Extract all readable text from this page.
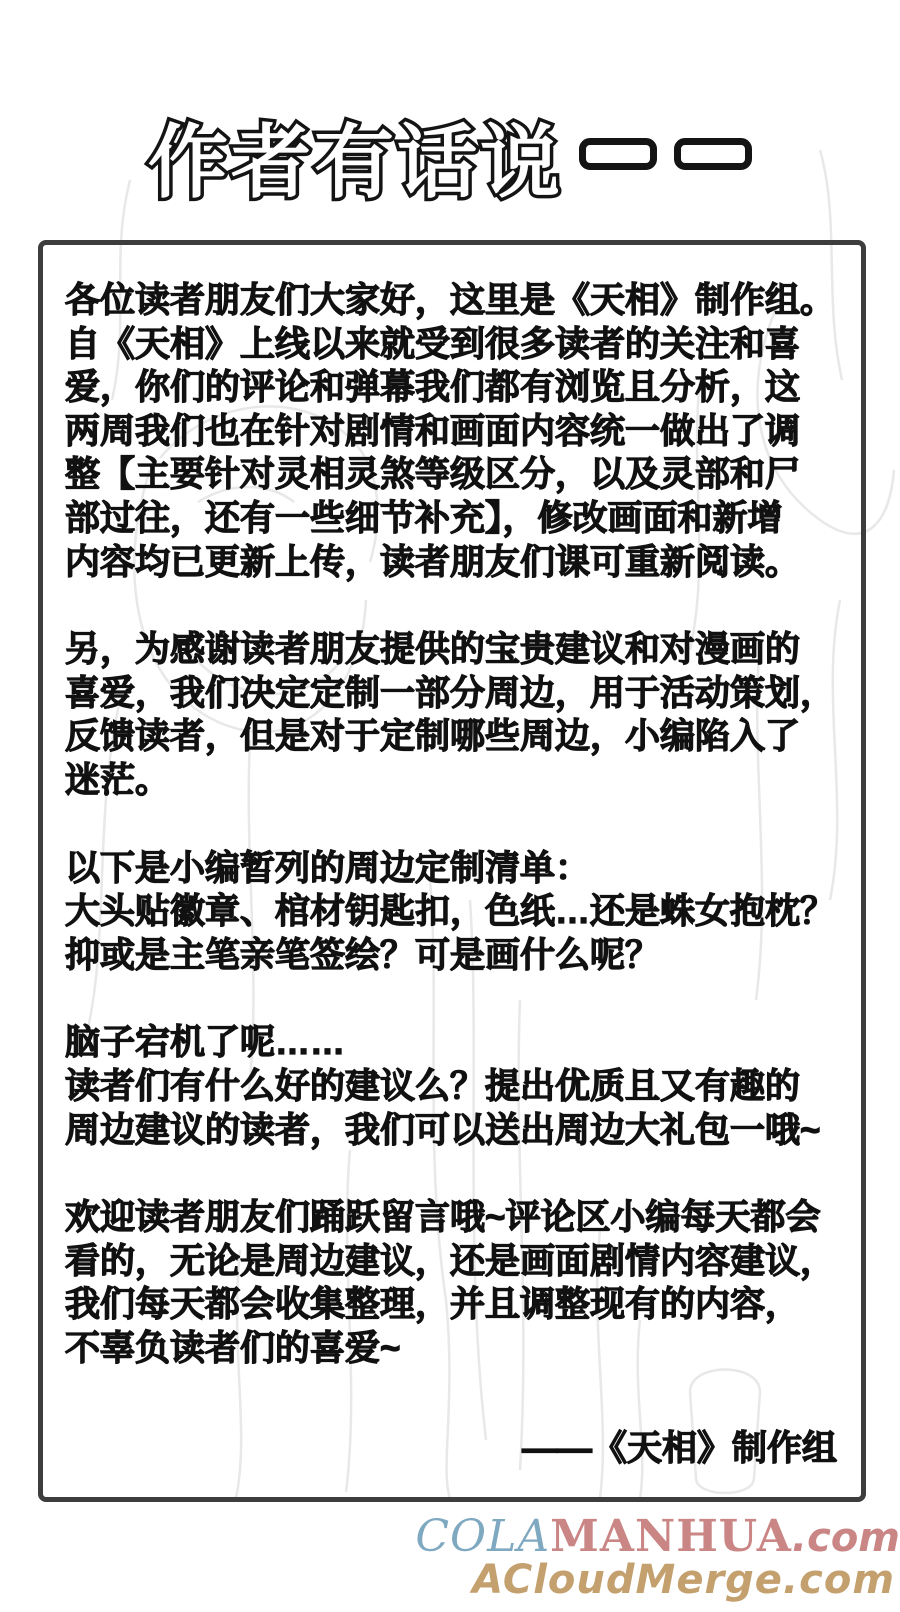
作者有话说
各位读者朋友们大家好，这里是《天相》制作组。
自《天相》上线以来就受到很多读者的关注和喜
爱，你们的评论和弹幕我们都有浏览且分析，这
两周我们也在针对剧情和画面内容统一做出了调
整【主要针对灵相灵煞等级区分，以及灵部和尸
部过往，还有一些细节补充】，修改画面和新增
内容均已更新上传，读者朋友们课可重新阅读。
另，为感谢读者朋友提供的宝贵建议和对漫画的
喜爱，我们决定定制一部分周边，用于活动策划，
反馈读者，但是对于定制哪些周边，小编陷入了
迷茫。
以下是小编暂列的周边定制清单：
大头贴徽章、棺材钥匙扣，色纸…还是蛛女抱枕？
抑或是主笔亲笔签绘？可是画什么呢？
脑子宕机了呢……
读者们有什么好的建议么？提出优质且又有趣的
周边建议的读者，我们可以送出周边大礼包一哦~
欢迎读者朋友们踊跃留言哦~评论区小编每天都会
看的，无论是周边建议，还是画面剧情内容建议，
我们每天都会收集整理，并且调整现有的内容，
不辜负读者们的喜爱~
——《天相》制作组
COLAMANHUA.com
ACloudMerge.com
